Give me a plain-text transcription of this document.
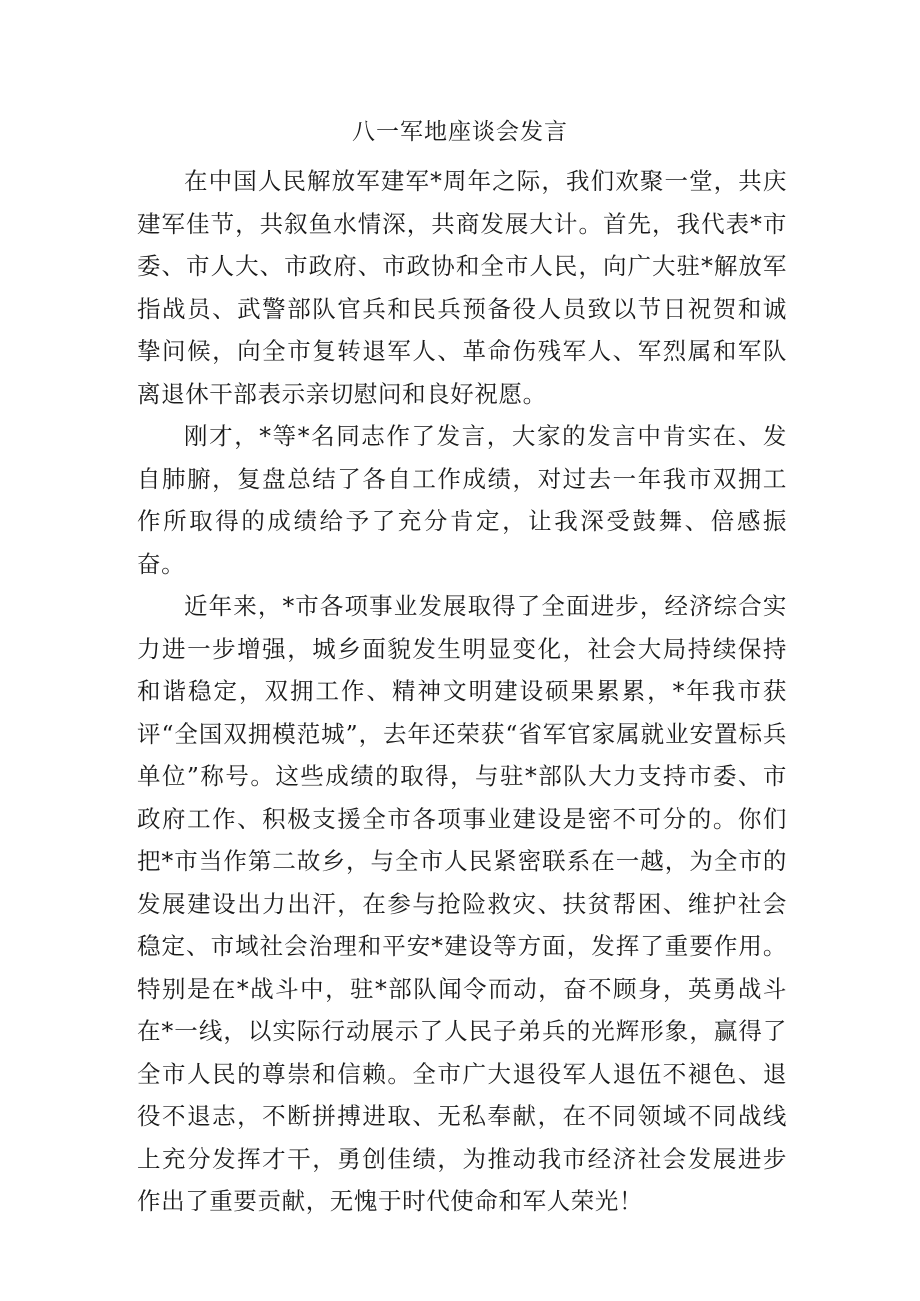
八一军地座谈会发言

在中国人民解放军建军*周年之际，我们欢聚一堂，共庆建军佳节，共叙鱼水情深，共商发展大计。首先，我代表*市委、市人大、市政府、市政协和全市人民，向广大驻*解放军指战员、武警部队官兵和民兵预备役人员致以节日祝贺和诚挚问候，向全市复转退军人、革命伤残军人、军烈属和军队离退休干部表示亲切慰问和良好祝愿。

刚才，*等*名同志作了发言，大家的发言中肯实在、发自肺腑，复盘总结了各自工作成绩，对过去一年我市双拥工作所取得的成绩给予了充分肯定，让我深受鼓舞、倍感振奋。

近年来，*市各项事业发展取得了全面进步，经济综合实力进一步增强，城乡面貌发生明显变化，社会大局持续保持和谐稳定，双拥工作、精神文明建设硕果累累，*年我市获评“全国双拥模范城”，去年还荣获“省军官家属就业安置标兵单位”称号。这些成绩的取得，与驻*部队大力支持市委、市政府工作、积极支援全市各项事业建设是密不可分的。你们把*市当作第二故乡，与全市人民紧密联系在一越，为全市的发展建设出力出汗，在参与抢险救灾、扶贫帮困、维护社会稳定、市域社会治理和平安*建设等方面，发挥了重要作用。特别是在*战斗中，驻*部队闻令而动，奋不顾身，英勇战斗在*一线，以实际行动展示了人民子弟兵的光辉形象，赢得了全市人民的尊崇和信赖。全市广大退役军人退伍不褪色、退役不退志，不断拼搏进取、无私奉献，在不同领域不同战线上充分发挥才干，勇创佳绩，为推动我市经济社会发展进步作出了重要贡献，无愧于时代使命和军人荣光！
